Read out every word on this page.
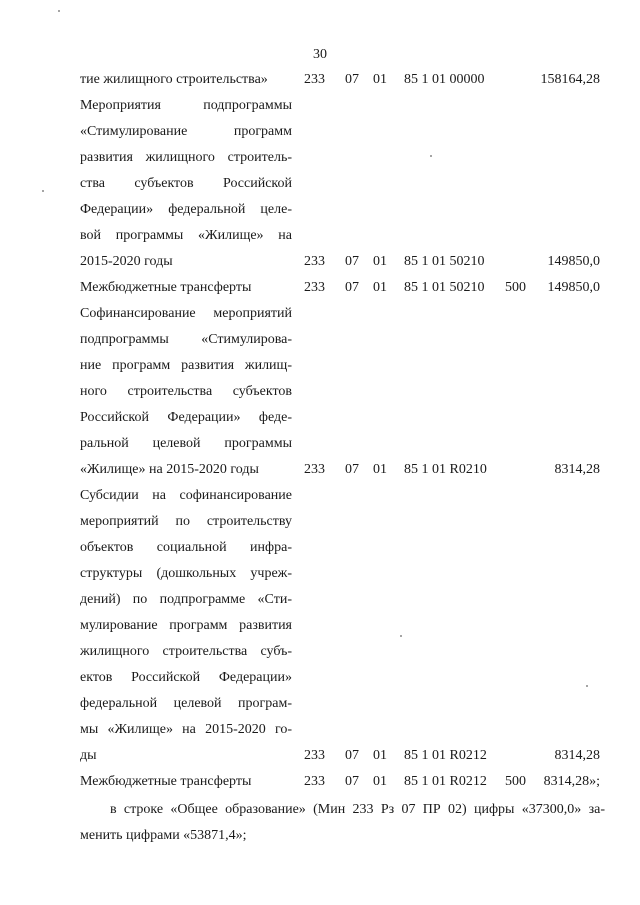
30
тие жилищного строительства»	233 07 01 85 1 01 00000	158164,28
Мероприятия подпрограммы
«Стимулирование программ
развития жилищного строитель-
ства субъектов Российской
Федерации» федеральной целе-
вой программы «Жилище» на
2015-2020 годы	233 07 01 85 1 01 50210	149850,0
Межбюджетные трансферты	233 07 01 85 1 01 50210 500 149850,0
Софинансирование мероприятий
подпрограммы «Стимулирова-
ние программ развития жилищ-
ного строительства субъектов
Российской Федерации» феде-
ральной целевой программы
«Жилище» на 2015-2020 годы	233 07 01 85 1 01 R0210	8314,28
Субсидии на софинансирование
мероприятий по строительству
объектов социальной инфра-
структуры (дошкольных учреж-
дений) по подпрограмме «Сти-
мулирование программ развития
жилищного строительства субъ-
ектов Российской Федерации»
федеральной целевой програм-
мы «Жилище» на 2015-2020 го-
ды	233 07 01 85 1 01 R0212	8314,28
Межбюджетные трансферты	233 07 01 85 1 01 R0212 500 8314,28»;
в строке «Общее образование» (Мин 233 Рз 07 ПР 02) цифры «37300,0» за-
менить цифрами «53871,4»;
